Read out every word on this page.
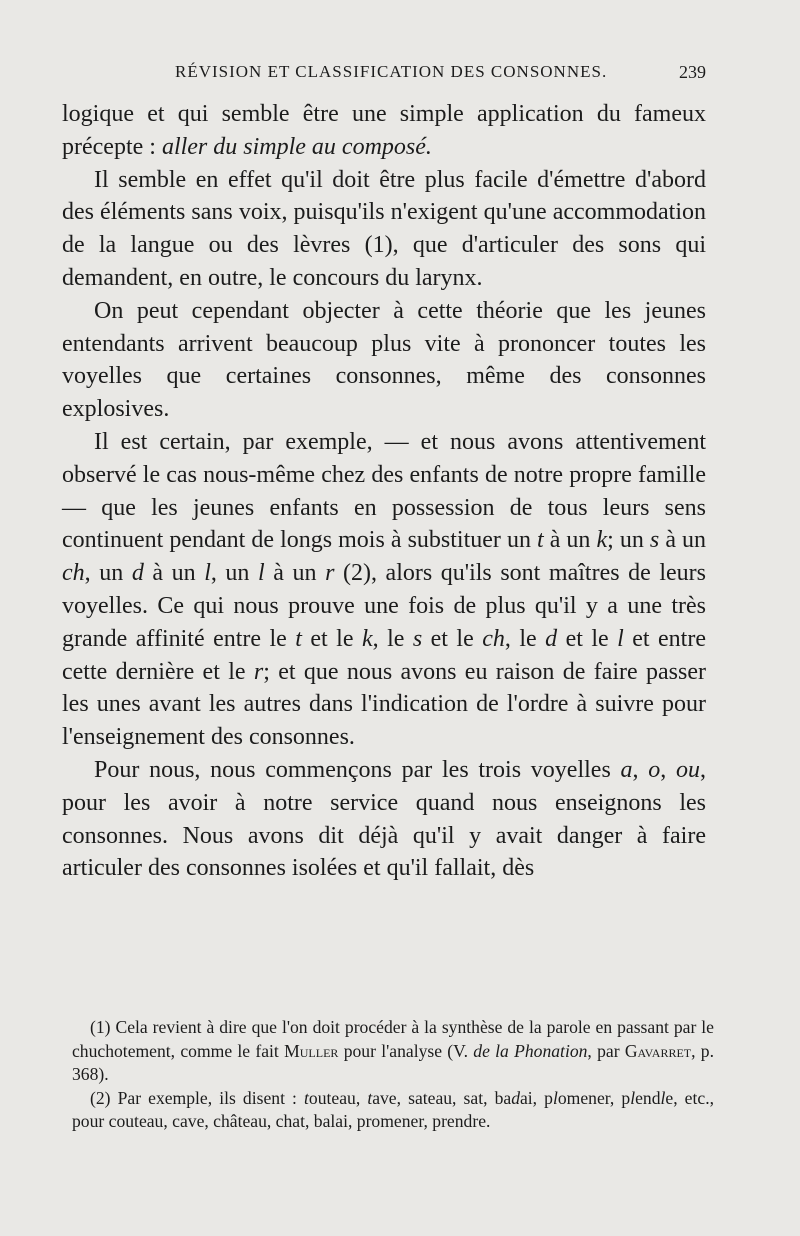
RÉVISION ET CLASSIFICATION DES CONSONNES.	239

logique et qui semble être une simple application du fameux précepte : aller du simple au composé.

Il semble en effet qu'il doit être plus facile d'émettre d'abord des éléments sans voix, puisqu'ils n'exigent qu'une accommodation de la langue ou des lèvres (1), que d'articuler des sons qui demandent, en outre, le concours du larynx.

On peut cependant objecter à cette théorie que les jeunes entendants arrivent beaucoup plus vite à prononcer toutes les voyelles que certaines consonnes, même des consonnes explosives.

Il est certain, par exemple, — et nous avons attentivement observé le cas nous-même chez des enfants de notre propre famille — que les jeunes enfants en possession de tous leurs sens continuent pendant de longs mois à substituer un t à un k; un s à un ch, un d à un l, un l à un r (2), alors qu'ils sont maîtres de leurs voyelles. Ce qui nous prouve une fois de plus qu'il y a une très grande affinité entre le t et le k, le s et le ch, le d et le l et entre cette dernière et le r; et que nous avons eu raison de faire passer les unes avant les autres dans l'indication de l'ordre à suivre pour l'enseignement des consonnes.

Pour nous, nous commençons par les trois voyelles a, o, ou, pour les avoir à notre service quand nous enseignons les consonnes. Nous avons dit déjà qu'il y avait danger à faire articuler des consonnes isolées et qu'il fallait, dès

(1) Cela revient à dire que l'on doit procéder à la synthèse de la parole en passant par le chuchotement, comme le fait Muller pour l'analyse (V. de la Phonation, par Gavarret, p. 368).

(2) Par exemple, ils disent : touteau, tave, sateau, sat, badai, plomener, plendle, etc., pour couteau, cave, château, chat, balai, promener, prendre.
